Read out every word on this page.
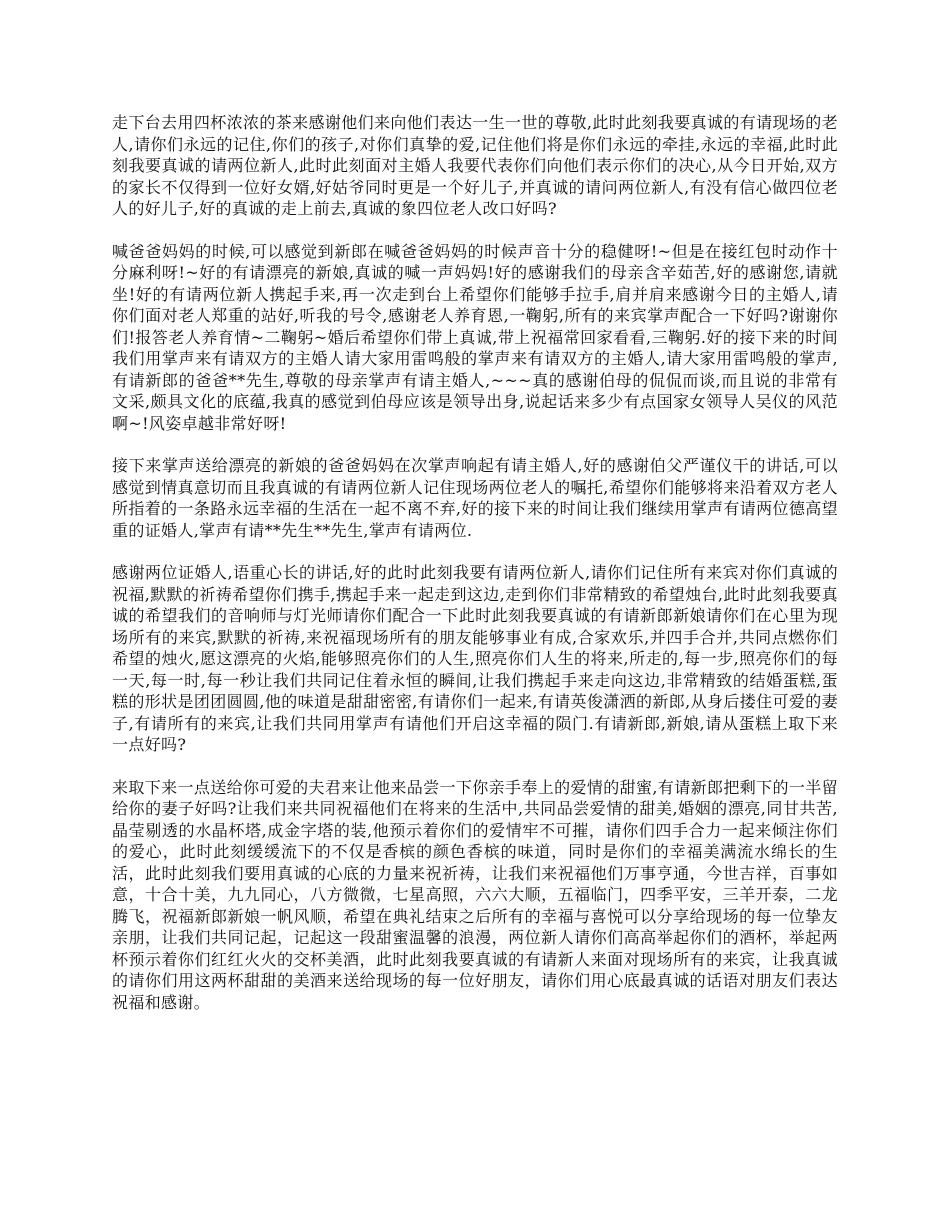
走下台去用四杯浓浓的茶来感谢他们来向他们表达一生一世的尊敬,此时此刻我要真诚的有请现场的老人,请你们永远的记住,你们的孩子,对你们真挚的爱,记住他们将是你们永远的牵挂,永远的幸福,此时此刻我要真诚的请两位新人,此时此刻面对主婚人我要代表你们向他们表示你们的决心,从今日开始,双方的家长不仅得到一位好女婿,好姑爷同时更是一个好儿子,并真诚的请问两位新人,有没有信心做四位老人的好儿子,好的真诚的走上前去,真诚的象四位老人改口好吗?

喊爸爸妈妈的时候,可以感觉到新郎在喊爸爸妈妈的时候声音十分的稳健呀!~但是在接红包时动作十分麻利呀!~好的有请漂亮的新娘,真诚的喊一声妈妈!好的感谢我们的母亲含辛茹苦,好的感谢您,请就坐!好的有请两位新人携起手来,再一次走到台上希望你们能够手拉手,肩并肩来感谢今日的主婚人,请你们面对老人郑重的站好,听我的号令,感谢老人养育恩,一鞠躬,所有的来宾掌声配合一下好吗?谢谢你们!报答老人养育情~二鞠躬~婚后希望你们带上真诚,带上祝福常回家看看,三鞠躬.好的接下来的时间我们用掌声来有请双方的主婚人请大家用雷鸣般的掌声来有请双方的主婚人,请大家用雷鸣般的掌声,有请新郎的爸爸**先生,尊敬的母亲掌声有请主婚人,~~~真的感谢伯母的侃侃而谈,而且说的非常有文采,颇具文化的底蕴,我真的感觉到伯母应该是领导出身,说起话来多少有点国家女领导人吴仪的风范啊~!风姿卓越非常好呀!

接下来掌声送给漂亮的新娘的爸爸妈妈在次掌声响起有请主婚人,好的感谢伯父严谨仪干的讲话,可以感觉到情真意切而且我真诚的有请两位新人记住现场两位老人的嘱托,希望你们能够将来沿着双方老人所指着的一条路永远幸福的生活在一起不离不弃,好的接下来的时间让我们继续用掌声有请两位德高望重的证婚人,掌声有请**先生**先生,掌声有请两位.

感谢两位证婚人,语重心长的讲话,好的此时此刻我要有请两位新人,请你们记住所有来宾对你们真诚的祝福,默默的祈祷希望你们携手,携起手来一起走到这边,走到你们非常精致的希望烛台,此时此刻我要真诚的希望我们的音响师与灯光师请你们配合一下此时此刻我要真诚的有请新郎新娘请你们在心里为现场所有的来宾,默默的祈祷,来祝福现场所有的朋友能够事业有成,合家欢乐,并四手合并,共同点燃你们希望的烛火,愿这漂亮的火焰,能够照亮你们的人生,照亮你们人生的将来,所走的,每一步,照亮你们的每一天,每一时,每一秒让我们共同记住着永恒的瞬间,让我们携起手来走向这边,非常精致的结婚蛋糕,蛋糕的形状是团团圆圆,他的味道是甜甜密密,有请你们一起来,有请英俊潇洒的新郎,从身后搂住可爱的妻子,有请所有的来宾,让我们共同用掌声有请他们开启这幸福的陨门.有请新郎,新娘,请从蛋糕上取下来一点好吗?

来取下来一点送给你可爱的夫君来让他来品尝一下你亲手奉上的爱情的甜蜜,有请新郎把剩下的一半留给你的妻子好吗?让我们来共同祝福他们在将来的生活中,共同品尝爱情的甜美,婚姻的漂亮,同甘共苦,晶莹剔透的水晶杯塔,成金字塔的装,他预示着你们的爱情牢不可摧，请你们四手合力一起来倾注你们的爱心，此时此刻缓缓流下的不仅是香槟的颜色香槟的味道，同时是你们的幸福美满流水绵长的生活，此时此刻我们要用真诚的心底的力量来祝祈祷，让我们来祝福他们万事亨通，今世吉祥，百事如意，十合十美，九九同心，八方微微，七星高照，六六大顺，五福临门，四季平安，三羊开泰，二龙腾飞，祝福新郎新娘一帆风顺，希望在典礼结束之后所有的幸福与喜悦可以分享给现场的每一位挚友亲朋，让我们共同记起，记起这一段甜蜜温馨的浪漫，两位新人请你们高高举起你们的酒杯，举起两杯预示着你们红红火火的交杯美酒，此时此刻我要真诚的有请新人来面对现场所有的来宾，让我真诚的请你们用这两杯甜甜的美酒来送给现场的每一位好朋友，请你们用心底最真诚的话语对朋友们表达祝福和感谢。
